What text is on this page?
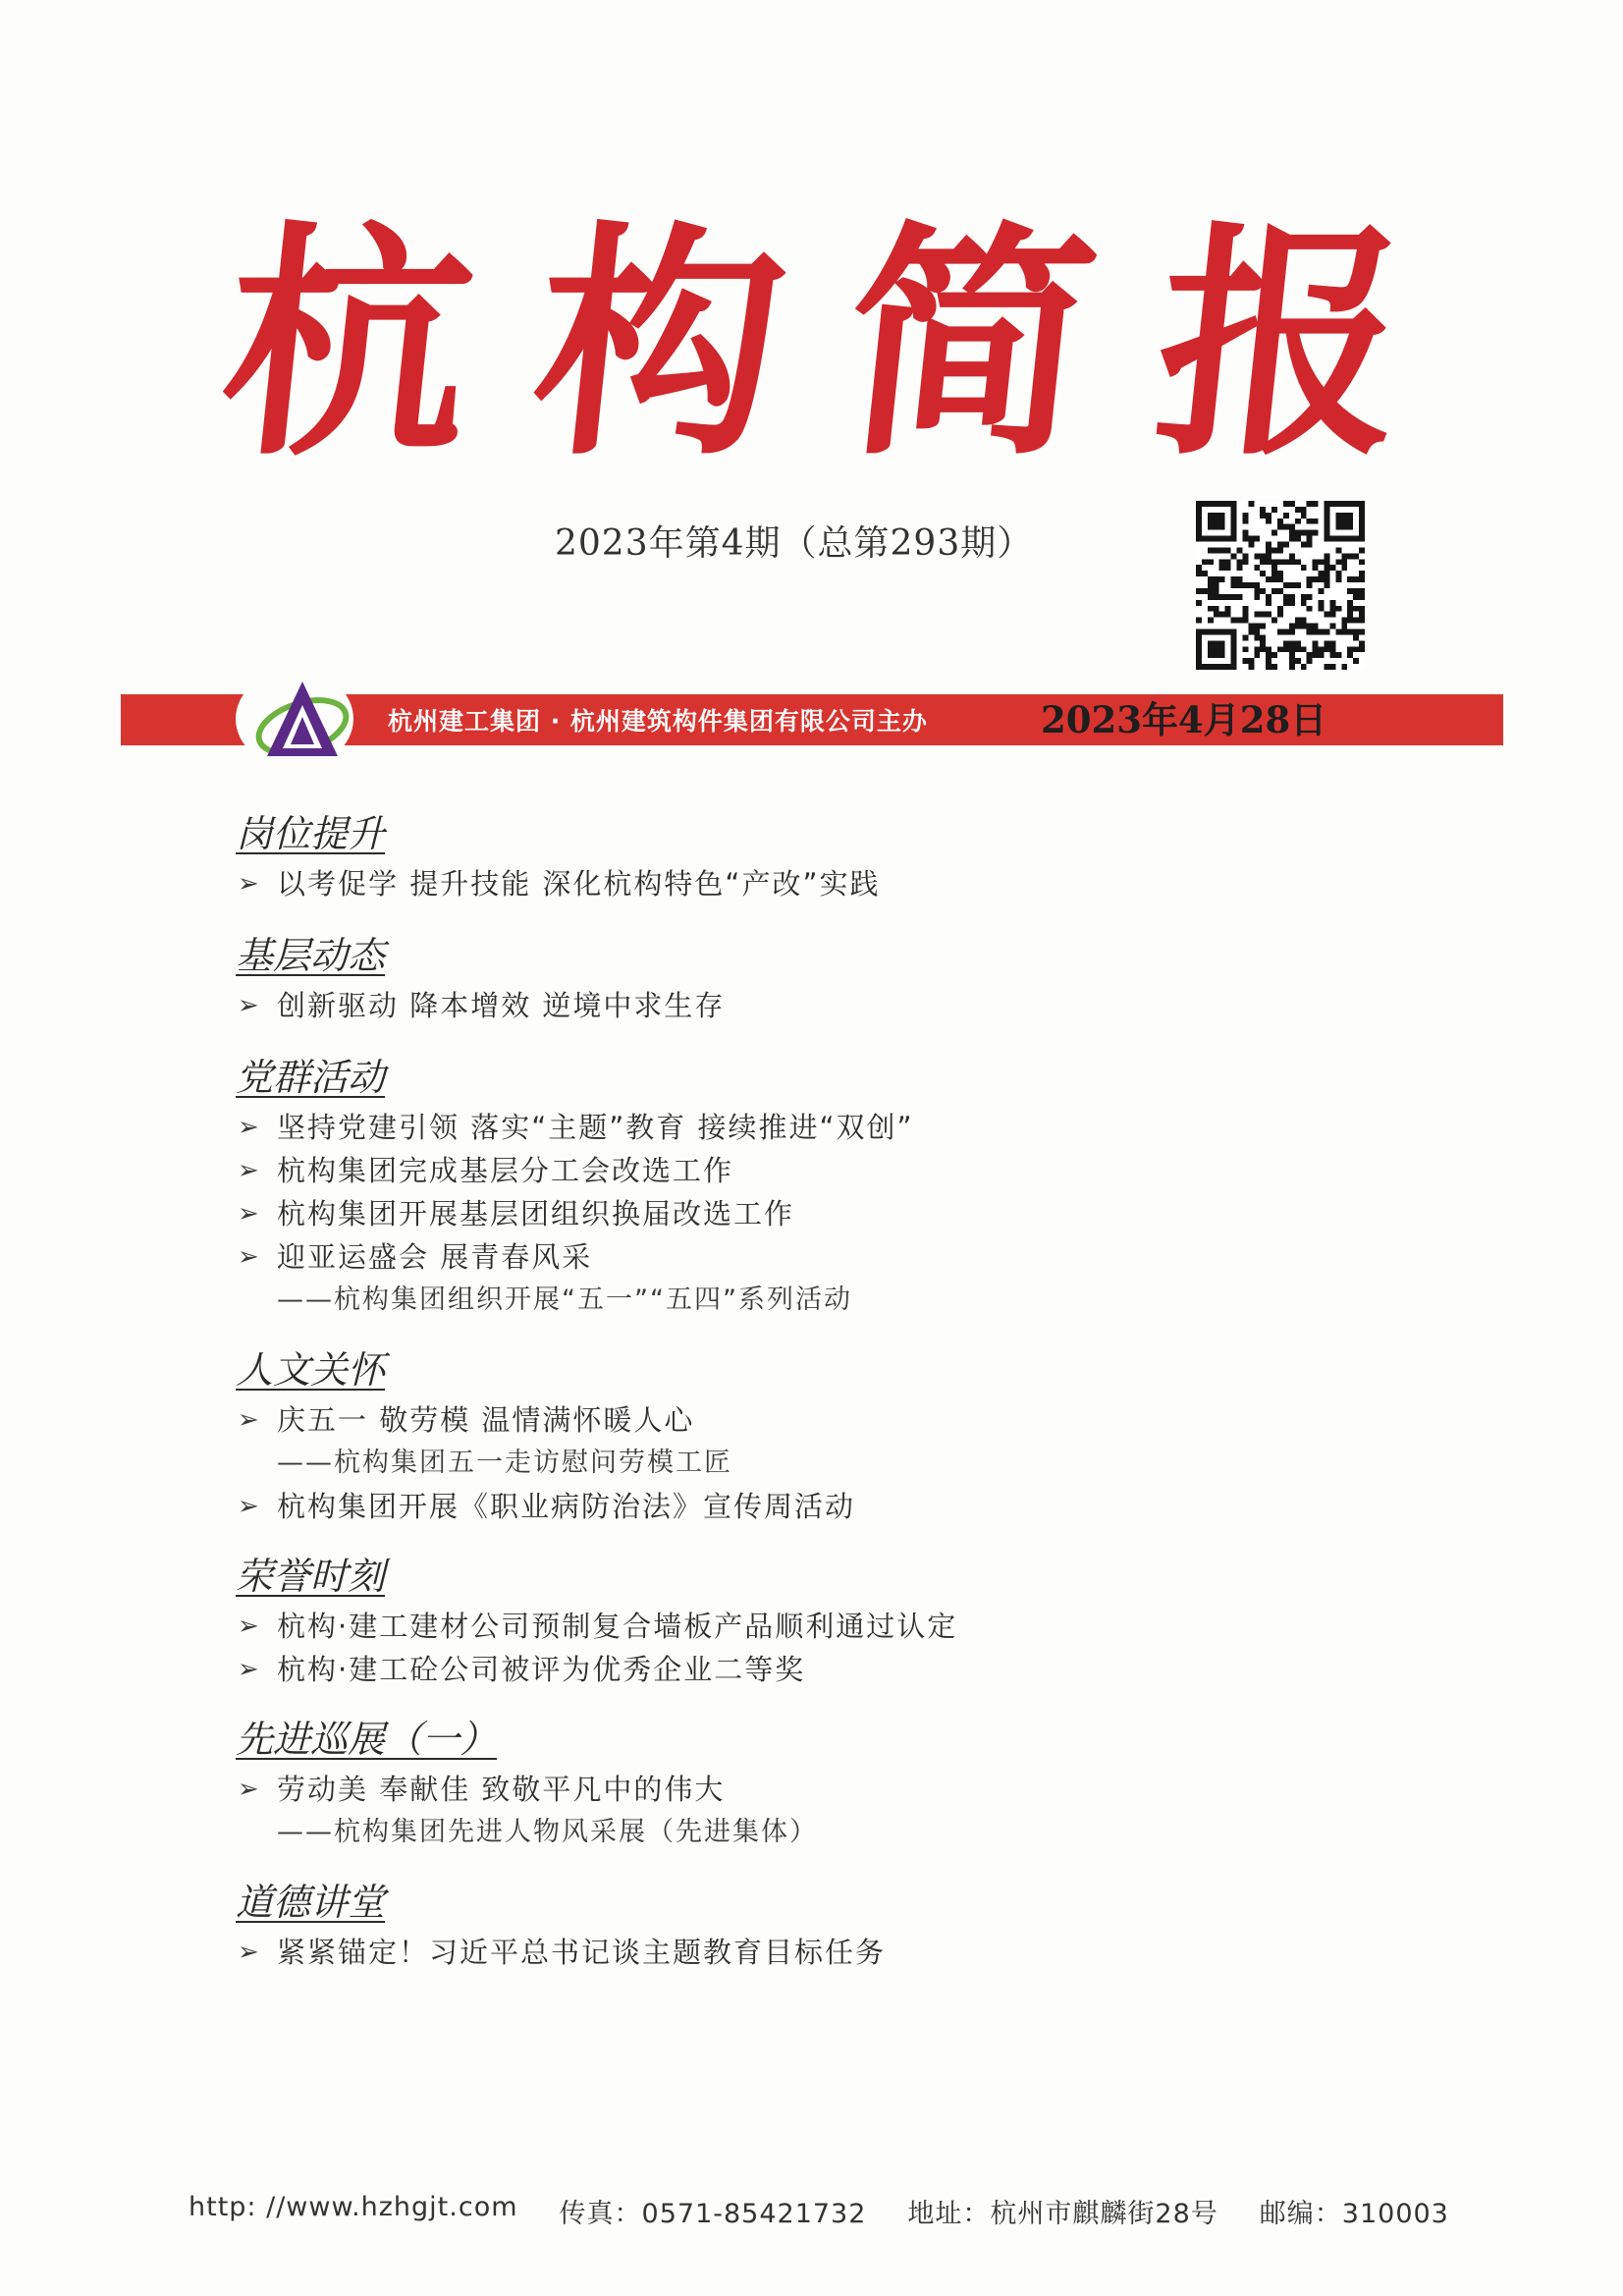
杭 构 简 报
2023年第4期（总第293期）
杭州建工集团 · 杭州建筑构件集团有限公司主办	2023年4月28日
岗位提升
➢ 以考促学 提升技能 深化杭构特色“产改”实践
基层动态
➢ 创新驱动 降本增效 逆境中求生存
党群活动
➢ 坚持党建引领 落实“主题”教育 接续推进“双创”
➢ 杭构集团完成基层分工会改选工作
➢ 杭构集团开展基层团组织换届改选工作
➢ 迎亚运盛会 展青春风采
——杭构集团组织开展“五一”“五四”系列活动
人文关怀
➢ 庆五一 敬劳模 温情满怀暖人心
——杭构集团五一走访慰问劳模工匠
➢ 杭构集团开展《职业病防治法》宣传周活动
荣誉时刻
➢ 杭构·建工建材公司预制复合墙板产品顺利通过认定
➢ 杭构·建工砼公司被评为优秀企业二等奖
先进巡展（一）
➢ 劳动美 奉献佳 致敬平凡中的伟大
——杭构集团先进人物风采展（先进集体）
道德讲堂
➢ 紧紧锚定！习近平总书记谈主题教育目标任务
http: //www.hzhgjt.com 传真：0571-85421732 地址：杭州市麒麟街28号 邮编：310003
